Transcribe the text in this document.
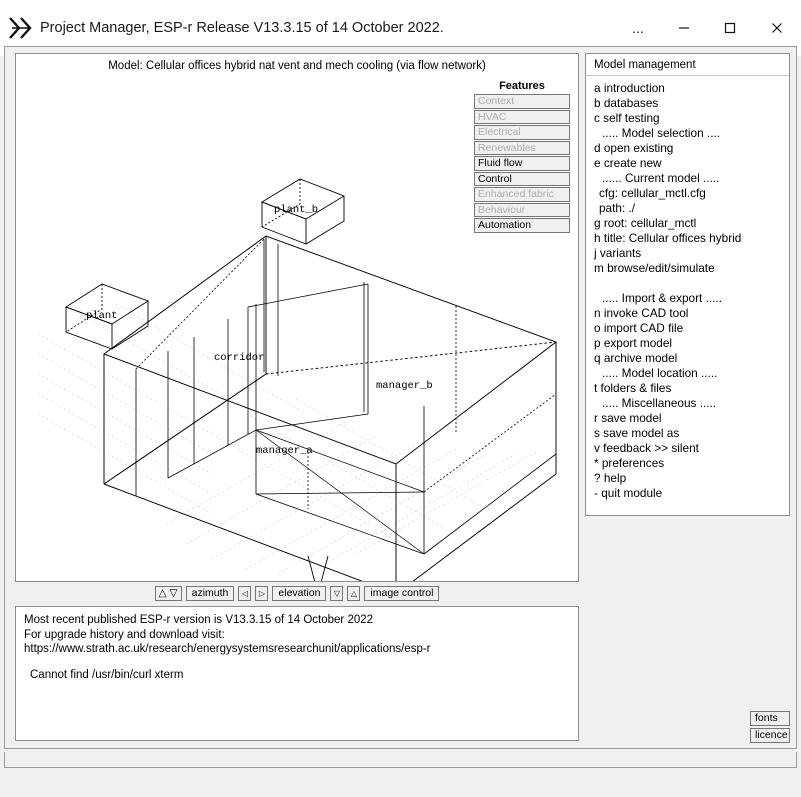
Project Manager, ESP-r Release V13.3.15 of 14 October 2022.	...
Model: Cellular offices hybrid nat vent and mech cooling (via flow network)
plant_b
plant
corridor
manager_b
manager_a
Features
Context
HVAC
Electrical
Renewables
Fluid flow
Control
Enhanced fabric
Behaviour
Automation
△ ▽	azimuth	◁	▷	elevation	▽	△	image control
Most recent published ESP-r version is V13.3.15 of 14 October 2022
For upgrade history and download visit:
https://www.strath.ac.uk/research/energysystemsresearchunit/applications/esp-r
Cannot find /usr/bin/curl xterm
Model management
a introduction
b databases
c self testing
..... Model selection ....
d open existing
e create new
...... Current model .....
cfg: cellular_mctl.cfg
path: ./
g root: cellular_mctl
h title: Cellular offices hybrid
j variants
m browse/edit/simulate
..... Import & export .....
n invoke CAD tool
o import CAD file
p export model
q archive model
..... Model location .....
t folders & files
..... Miscellaneous .....
r save model
s save model as
v feedback >> silent
* preferences
? help
- quit module
fonts
licence
